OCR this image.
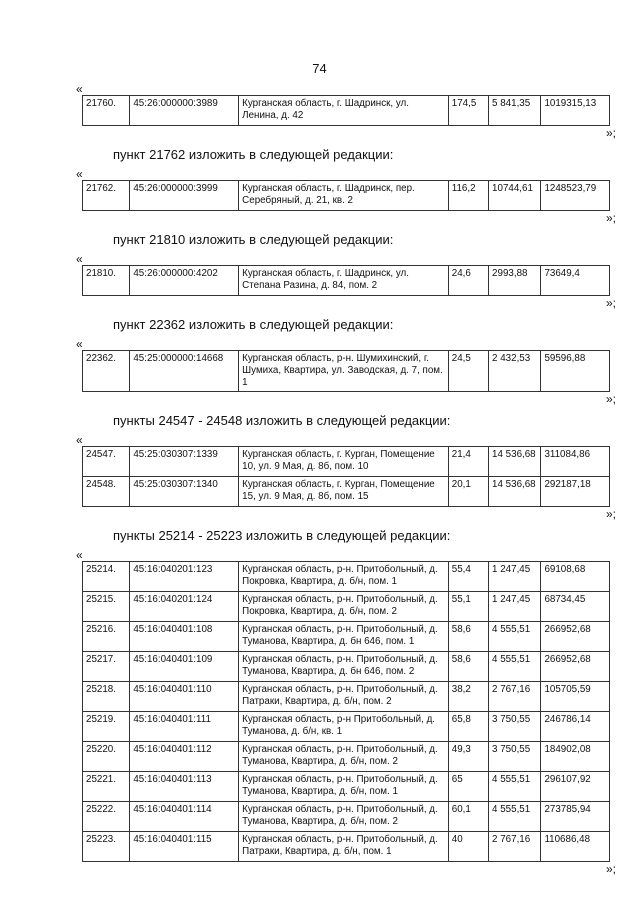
74
«
21760.	45:26:000000:3989	Курганская область, г. Шадринск, ул. Ленина, д. 42	174,5	5 841,35	1019315,13
»;
пункт 21762 изложить в следующей редакции:
«
21762.	45:26:000000:3999	Курганская область, г. Шадринск, пер. Серебряный, д. 21, кв. 2	116,2	10744,61	1248523,79
»;
пункт 21810 изложить в следующей редакции:
«
21810.	45:26:000000:4202	Курганская область, г. Шадринск, ул. Степана Разина, д. 84, пом. 2	24,6	2993,88	73649,4
»;
пункт 22362 изложить в следующей редакции:
«
22362.	45:25:000000:14668	Курганская область, р-н. Шумихинский, г. Шумиха, Квартира, ул. Заводская, д. 7, пом. 1	24,5	2 432,53	59596,88
»;
пункты 24547 - 24548 изложить в следующей редакции:
«
24547.	45:25:030307:1339	Курганская область, г. Курган, Помещение 10, ул. 9 Мая, д. 8б, пом. 10	21,4	14 536,68	311084,86
24548.	45:25:030307:1340	Курганская область, г. Курган, Помещение 15, ул. 9 Мая, д. 8б, пом. 15	20,1	14 536,68	292187,18
»;
пункты 25214 - 25223 изложить в следующей редакции:
«
25214.	45:16:040201:123	Курганская область, р-н. Притобольный, д. Покровка, Квартира, д. б/н, пом. 1	55,4	1 247,45	69108,68
25215.	45:16:040201:124	Курганская область, р-н. Притобольный, д. Покровка, Квартира, д. б/н, пом. 2	55,1	1 247,45	68734,45
25216.	45:16:040401:108	Курганская область, р-н. Притобольный, д. Туманова, Квартира, д. бн 646, пом. 1	58,6	4 555,51	266952,68
25217.	45:16:040401:109	Курганская область, р-н. Притобольный, д. Туманова, Квартира, д. бн 646, пом. 2	58,6	4 555,51	266952,68
25218.	45:16:040401:110	Курганская область, р-н. Притобольный, д. Патраки, Квартира, д. б/н, пом. 2	38,2	2 767,16	105705,59
25219.	45:16:040401:111	Курганская область, р-н Притобольный, д. Туманова, д. б/н, кв. 1	65,8	3 750,55	246786,14
25220.	45:16:040401:112	Курганская область, р-н. Притобольный, д. Туманова, Квартира, д. б/н, пом. 2	49,3	3 750,55	184902,08
25221.	45:16:040401:113	Курганская область, р-н. Притобольный, д. Туманова, Квартира, д. б/н, пом. 1	65	4 555,51	296107,92
25222.	45:16:040401:114	Курганская область, р-н. Притобольный, д. Туманова, Квартира, д. б/н, пом. 2	60,1	4 555,51	273785,94
25223.	45:16:040401:115	Курганская область, р-н. Притобольный, д. Патраки, Квартира, д. б/н, пом. 1	40	2 767,16	110686,48
»;
